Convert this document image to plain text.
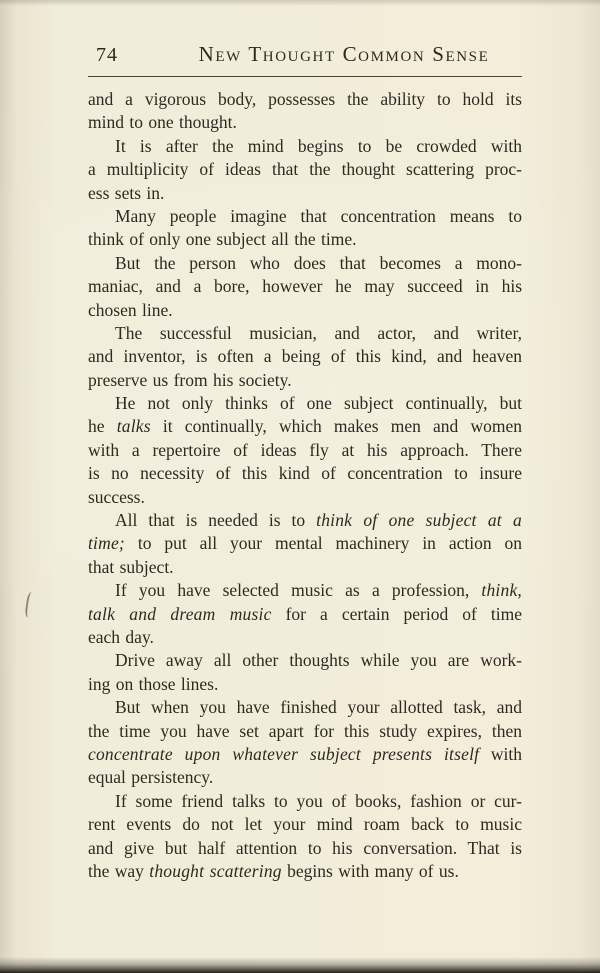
74	New Thought Common Sense
and a vigorous body, possesses the ability to hold its
mind to one thought.
It is after the mind begins to be crowded with
a multiplicity of ideas that the thought scattering proc-
ess sets in.
Many people imagine that concentration means to
think of only one subject all the time.
But the person who does that becomes a mono-
maniac, and a bore, however he may succeed in his
chosen line.
The successful musician, and actor, and writer,
and inventor, is often a being of this kind, and heaven
preserve us from his society.
He not only thinks of one subject continually, but
he talks it continually, which makes men and women
with a repertoire of ideas fly at his approach. There
is no necessity of this kind of concentration to insure
success.
All that is needed is to think of one subject at a
time; to put all your mental machinery in action on
that subject.
If you have selected music as a profession, think,
talk and dream music for a certain period of time
each day.
Drive away all other thoughts while you are work-
ing on those lines.
But when you have finished your allotted task, and
the time you have set apart for this study expires, then
concentrate upon whatever subject presents itself with
equal persistency.
If some friend talks to you of books, fashion or cur-
rent events do not let your mind roam back to music
and give but half attention to his conversation. That is
the way thought scattering begins with many of us.
